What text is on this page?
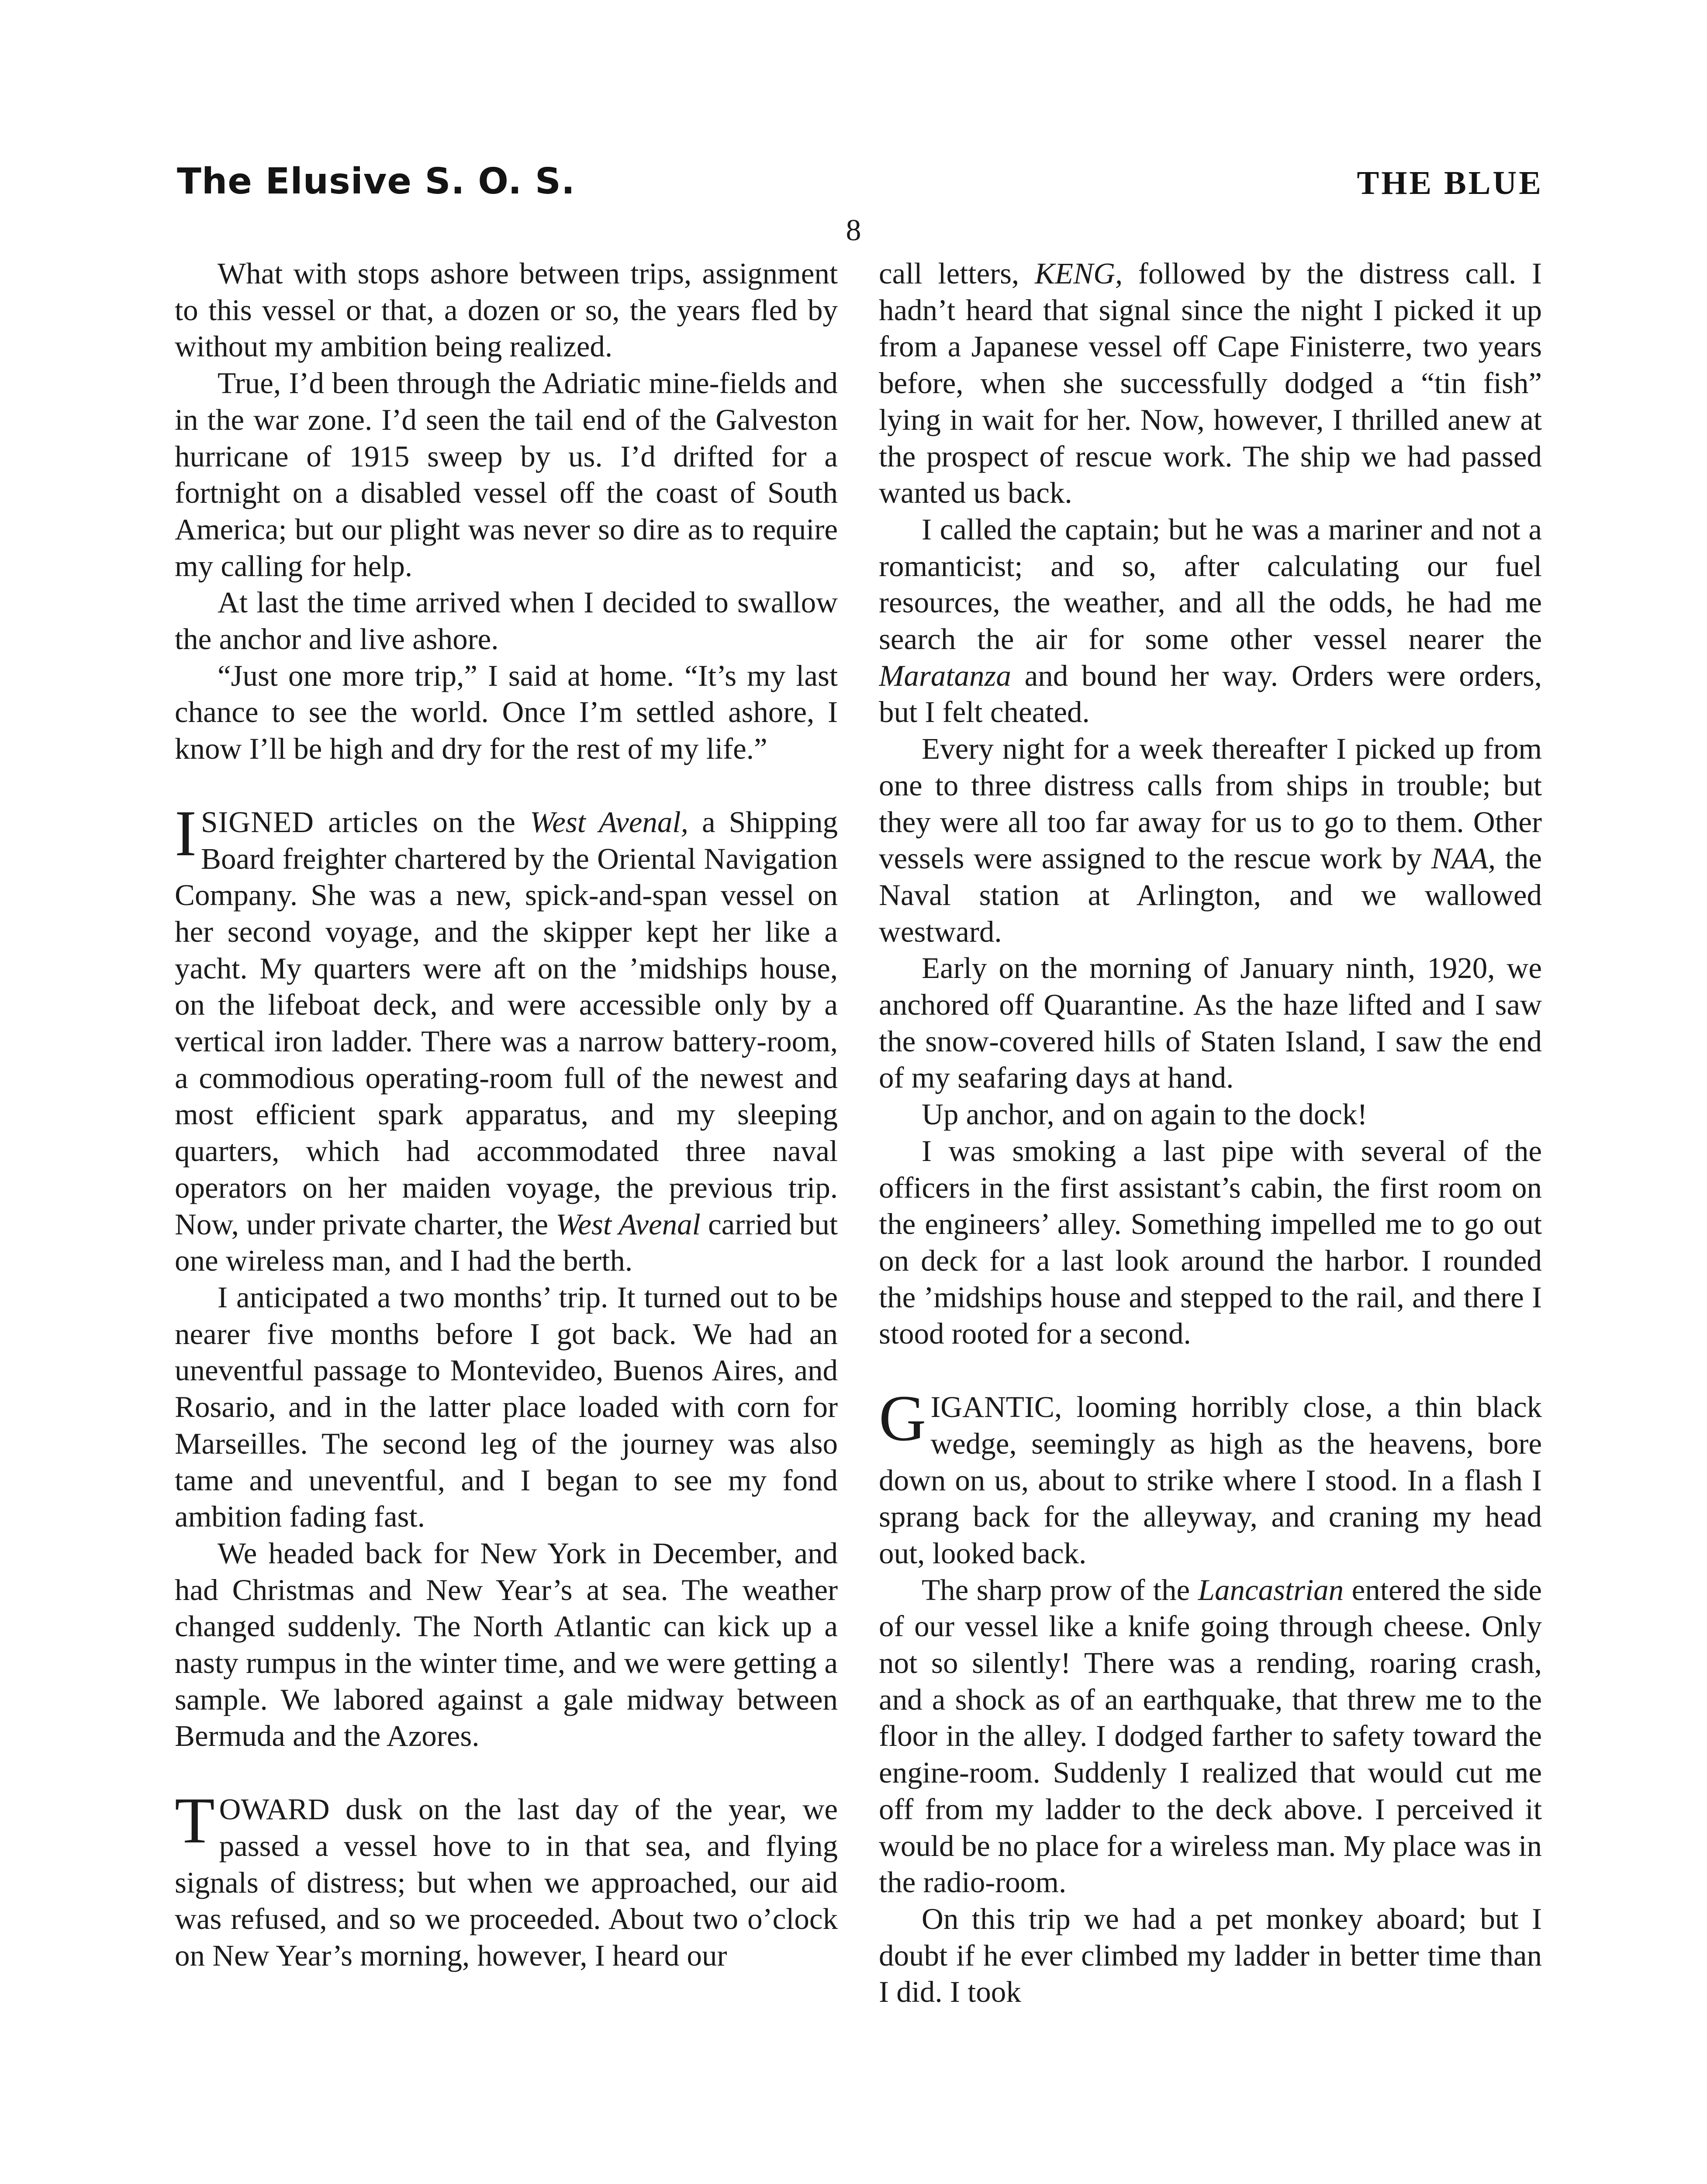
The Elusive S. O. S.	THE BLUE
8

What with stops ashore between trips, assignment to this vessel or that, a dozen or so, the years fled by without my ambition being realized.

True, I’d been through the Adriatic mine-fields and in the war zone. I’d seen the tail end of the Galveston hurricane of 1915 sweep by us. I’d drifted for a fortnight on a disabled vessel off the coast of South America; but our plight was never so dire as to require my calling for help.

At last the time arrived when I decided to swallow the anchor and live ashore.

“Just one more trip,” I said at home. “It’s my last chance to see the world. Once I’m settled ashore, I know I’ll be high and dry for the rest of my life.”

I SIGNED articles on the West Avenal, a Shipping Board freighter chartered by the Oriental Navigation Company. She was a new, spick-and-span vessel on her second voyage, and the skipper kept her like a yacht. My quarters were aft on the ’midships house, on the lifeboat deck, and were accessible only by a vertical iron ladder. There was a narrow battery-room, a commodious operating-room full of the newest and most efficient spark apparatus, and my sleeping quarters, which had accommodated three naval operators on her maiden voyage, the previous trip. Now, under private charter, the West Avenal carried but one wireless man, and I had the berth.

I anticipated a two months’ trip. It turned out to be nearer five months before I got back. We had an uneventful passage to Montevideo, Buenos Aires, and Rosario, and in the latter place loaded with corn for Marseilles. The second leg of the journey was also tame and uneventful, and I began to see my fond ambition fading fast.

We headed back for New York in December, and had Christmas and New Year’s at sea. The weather changed suddenly. The North Atlantic can kick up a nasty rumpus in the winter time, and we were getting a sample. We labored against a gale midway between Bermuda and the Azores.

TOWARD dusk on the last day of the year, we passed a vessel hove to in that sea, and flying signals of distress; but when we approached, our aid was refused, and so we proceeded. About two o’clock on New Year’s morning, however, I heard our

call letters, KENG, followed by the distress call. I hadn’t heard that signal since the night I picked it up from a Japanese vessel off Cape Finisterre, two years before, when she successfully dodged a “tin fish” lying in wait for her. Now, however, I thrilled anew at the prospect of rescue work. The ship we had passed wanted us back.

I called the captain; but he was a mariner and not a romanticist; and so, after calculating our fuel resources, the weather, and all the odds, he had me search the air for some other vessel nearer the Maratanza and bound her way. Orders were orders, but I felt cheated.

Every night for a week thereafter I picked up from one to three distress calls from ships in trouble; but they were all too far away for us to go to them. Other vessels were assigned to the rescue work by NAA, the Naval station at Arlington, and we wallowed westward.

Early on the morning of January ninth, 1920, we anchored off Quarantine. As the haze lifted and I saw the snow-covered hills of Staten Island, I saw the end of my seafaring days at hand.

Up anchor, and on again to the dock!

I was smoking a last pipe with several of the officers in the first assistant’s cabin, the first room on the engineers’ alley. Something impelled me to go out on deck for a last look around the harbor. I rounded the ’midships house and stepped to the rail, and there I stood rooted for a second.

GIGANTIC, looming horribly close, a thin black wedge, seemingly as high as the heavens, bore down on us, about to strike where I stood. In a flash I sprang back for the alleyway, and craning my head out, looked back.

The sharp prow of the Lancastrian entered the side of our vessel like a knife going through cheese. Only not so silently! There was a rending, roaring crash, and a shock as of an earthquake, that threw me to the floor in the alley. I dodged farther to safety toward the engine-room. Suddenly I realized that would cut me off from my ladder to the deck above. I perceived it would be no place for a wireless man. My place was in the radio-room.

On this trip we had a pet monkey aboard; but I doubt if he ever climbed my ladder in better time than I did. I took
